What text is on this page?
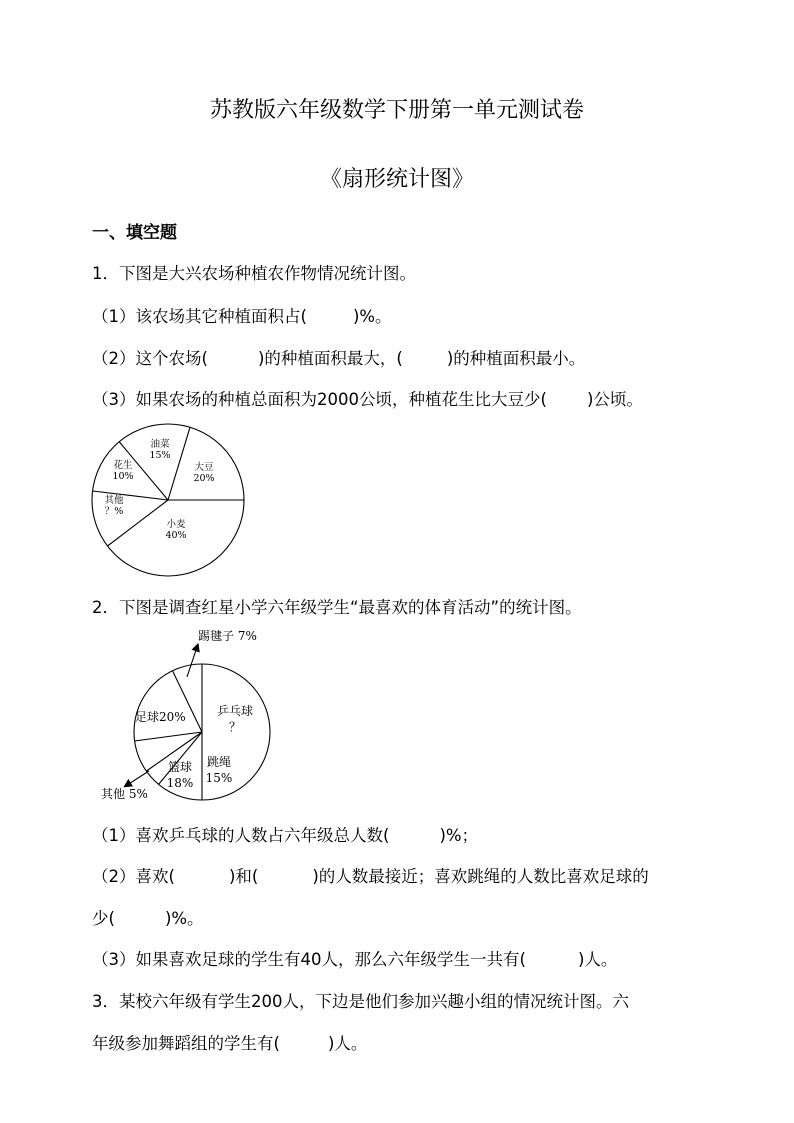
苏教版六年级数学下册第一单元测试卷
《扇形统计图》
一、填空题
1．下图是大兴农场种植农作物情况统计图。
（1）该农场其它种植面积占(	)%。
（2）这个农场(	)的种植面积最大，(	)的种植面积最小。
（3）如果农场的种植总面积为2000公顷，种植花生比大豆少( )公顷。
油菜
15%
花生
10%
大豆
20%
其他
？%
小麦
40%
2．下图是调查红星小学六年级学生“最喜欢的体育活动”的统计图。
踢毽子 7%
乒乓球
？
足球20%
篮球
18%
跳绳
15%
其他 5%
（1）喜欢乒乓球的人数占六年级总人数(	)%；
（2）喜欢(	)和(	)的人数最接近；喜欢跳绳的人数比喜欢足球的
少(	)%。
（3）如果喜欢足球的学生有40人，那么六年级学生一共有(	)人。
3．某校六年级有学生200人，下边是他们参加兴趣小组的情况统计图。六
年级参加舞蹈组的学生有(	)人。
